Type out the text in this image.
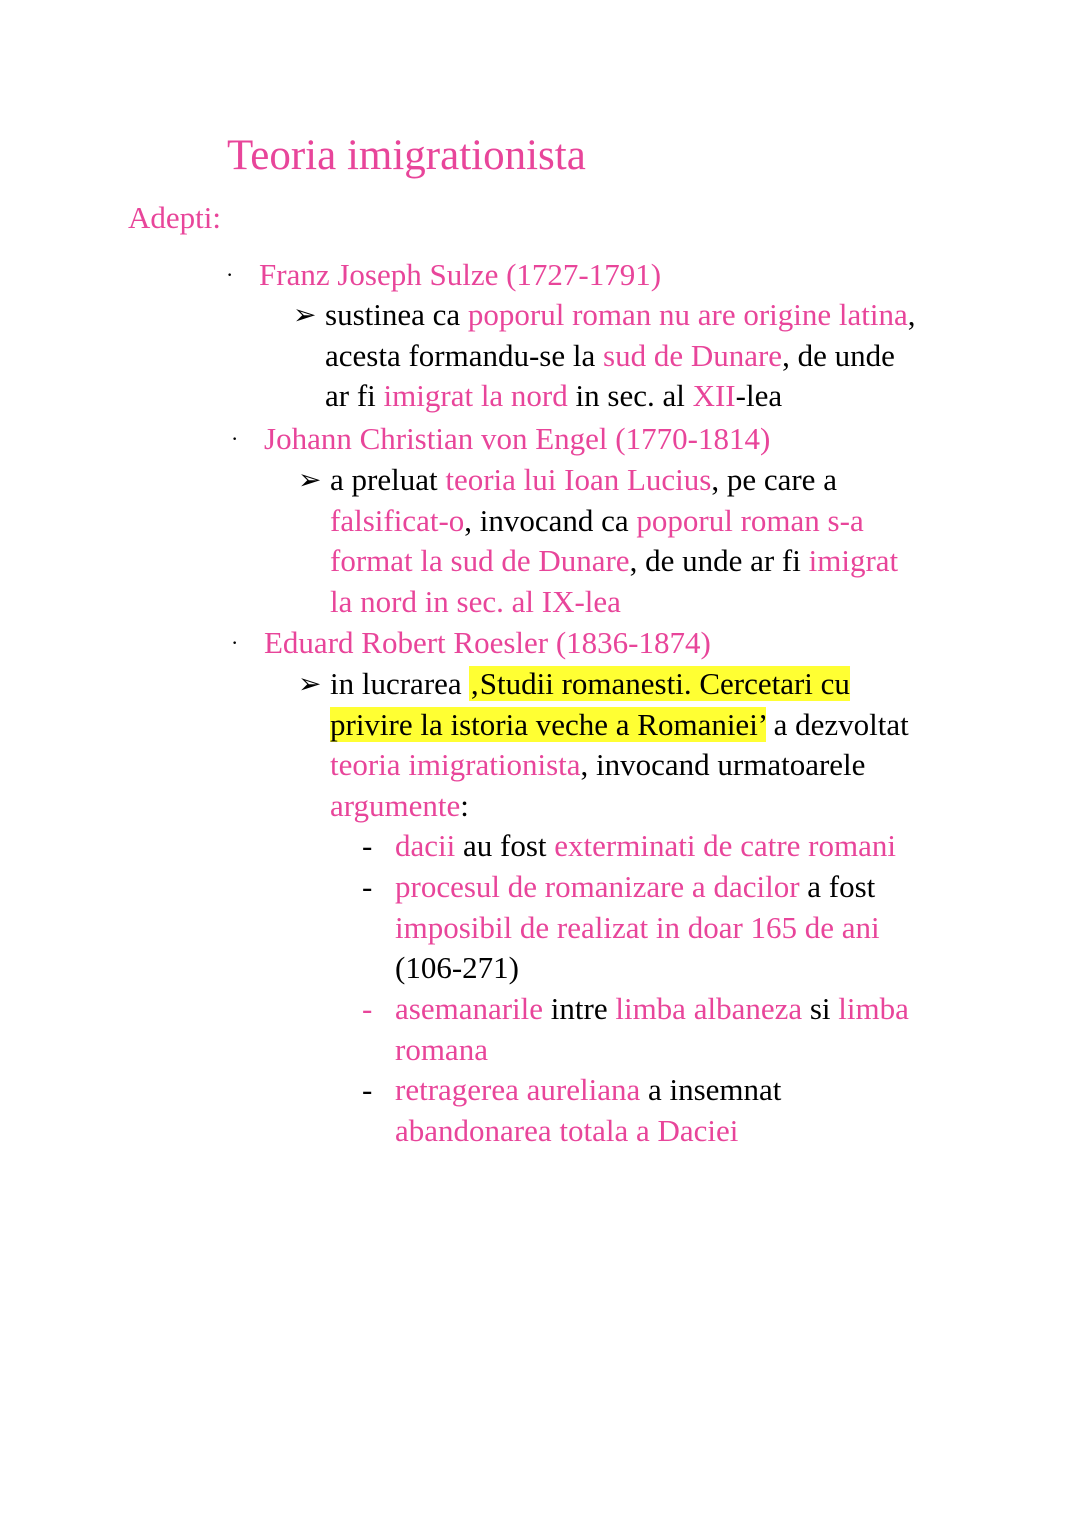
Teoria imigrationista
Adepti:
· Franz Joseph Sulze (1727-1791)
➢ sustinea ca poporul roman nu are origine latina,
acesta formandu-se la sud de Dunare, de unde
ar fi imigrat la nord in sec. al XII-lea
· Johann Christian von Engel (1770-1814)
➢ a preluat teoria lui Ioan Lucius, pe care a
falsificat-o, invocand ca poporul roman s-a
format la sud de Dunare, de unde ar fi imigrat
la nord in sec. al IX-lea
· Eduard Robert Roesler (1836-1874)
➢ in lucrarea ‚Studii romanesti. Cercetari cu
privire la istoria veche a Romaniei’ a dezvoltat
teoria imigrationista, invocand urmatoarele
argumente:
- dacii au fost exterminati de catre romani
- procesul de romanizare a dacilor a fost
imposibil de realizat in doar 165 de ani
(106-271)
- asemanarile intre limba albaneza si limba
romana
- retragerea aureliana a insemnat
abandonarea totala a Daciei
